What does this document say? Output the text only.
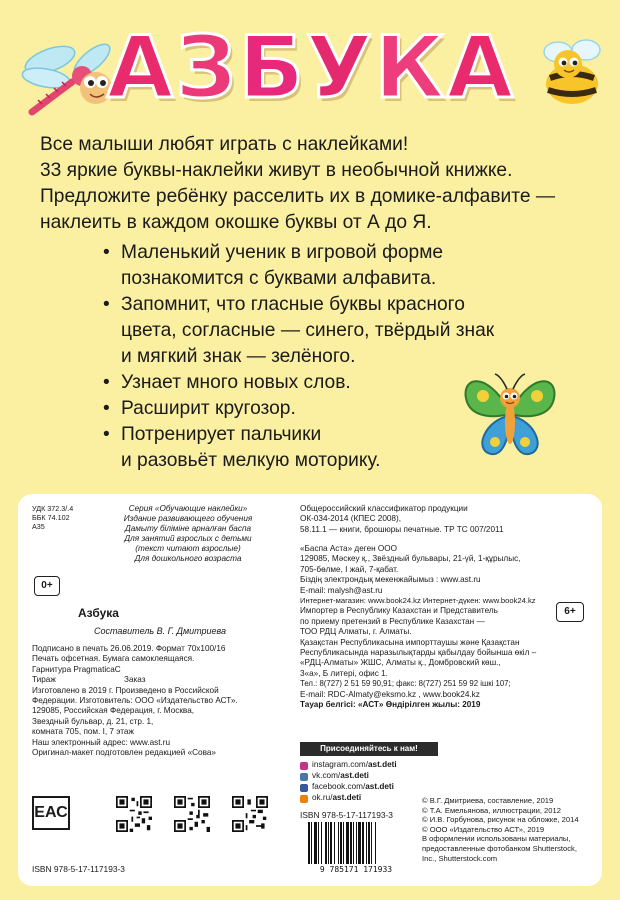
А З Б У К А

Все малыши любят играть с наклейками!

33 яркие буквы-наклейки живут в необычной книжке.

Предложите ребёнку расселить их в домике-алфавите —

наклеить в каждом окошке буквы от А до Я.

• Маленький ученик в игровой форме
познакомится с буквами алфавита.
• Запомнит, что гласные буквы красного
цвета, согласные — синего, твёрдый знак
и мягкий знак — зелёного.
• Узнает много новых слов.
• Расширит кругозор.
• Потренирует пальчики
и разовьёт мелкую моторику.
УДК 372.3/.4
ББК 74.102
А35
Серия «Обучающие наклейки»
Издание развивающего обучения
Дамыту біліміне арналған баспа
Для занятий взрослых с детьми
(текст читают взрослые)
Для дошкольного возраста
0+
Азбука
Составитель В. Г. Дмитриева
Подписано в печать 26.06.2019. Формат 70x100/16
Печать офсетная. Бумага самоклеящаяся.
Гарнитура PragmaticaC
Тираж                              Заказ
Изготовлено в 2019 г. Произведено в Российской
Федерации. Изготовитель: ООО «Издательство АСТ».
129085, Российская Федерация, г. Москва,
Звездный бульвар, д. 21, стр. 1,
комната 705, пом. I, 7 этаж
Наш электронный адрес: www.ast.ru
Оригинал-макет подготовлен редакцией «Сова»
Общероссийский классификатор продукции
ОК-034-2014 (КПЕС 2008),
58.11.1 — книги, брошюры печатные. ТР ТС 007/2011
6+
«Баспа Аста» деген ООО
129085, Мәскеу қ., Звёздный бульвары, 21-үй, 1-құрылыс,
705-бөлме, I жай, 7-қабат.
Біздің электрондық мекенжайымыз : www.ast.ru
E-mail: malysh@ast.ru
Интернет-магазин: www.book24.kz Интернет-дүкен: www.book24.kz
Импортер в Республику Казахстан и Представитель
по приему претензий в Республике Казахстан —
ТОО РДЦ Алматы, г. Алматы.
Қазақстан Республикасына импорттаушы және Қазақстан
Республикасында наразылықтарды қабылдау бойынша өкіл –
«РДЦ-Алматы» ЖШС, Алматы қ., Домбровский көш.,
3«а», Б литері, офис 1.
Тел.: 8(727) 2 51 59 90,91; факс: 8(727) 251 59 92 ішкі 107;
E-mail: RDC-Almaty@eksmo.kz , www.book24.kz
Тауар белгісі: «АСТ» Өндірілген жылы: 2019
Присоединяйтесь к нам!
instagram.com/ast.deti
vk.com/ast.deti
facebook.com/ast.deti
ok.ru/ast.deti	© В.Г. Дмитриева, составление, 2019
© Т.А. Емельянова, иллюстрации, 2012
© И.В. Горбунова, рисунок на обложке, 2014
© ООО «Издательство АСТ», 2019
В оформлении использованы материалы,
предоставленные фотобанком Shutterstock,
Inc., Shutterstock.com
ЕАС
ISBN 978-5-17-117193-3
ISBN 978-5-17-117193-3
9 785171 171933
